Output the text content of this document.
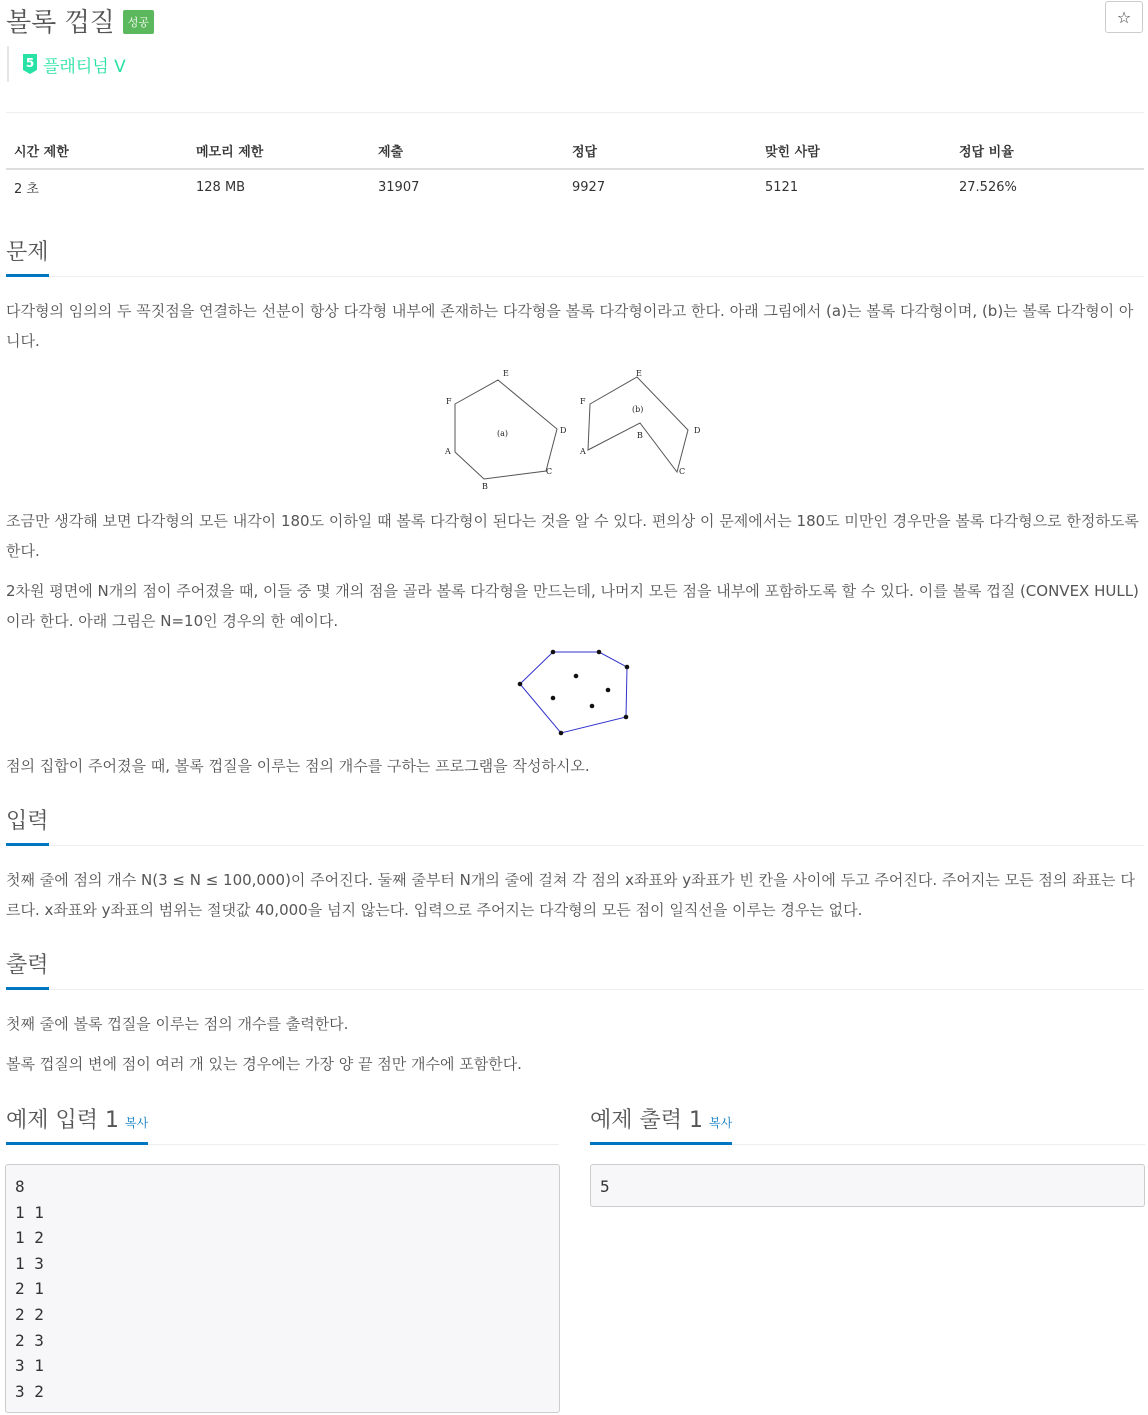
볼록 껍질	성공	☆
5 플래티넘 V
시간 제한	메모리 제한	제출	정답	맞힌 사람	정답 비율
2 초	128 MB	31907	9927	5121	27.526%
문제
다각형의 임의의 두 꼭짓점을 연결하는 선분이 항상 다각형 내부에 존재하는 다각형을 볼록 다각형이라고 한다. 아래 그림에서 (a)는 볼록 다각형이며, (b)는 볼록 다각형이 아니다.
(a)
E
F
D
A
C
B
(b)
E
F
D
A
B
C
조금만 생각해 보면 다각형의 모든 내각이 180도 이하일 때 볼록 다각형이 된다는 것을 알 수 있다. 편의상 이 문제에서는 180도 미만인 경우만을 볼록 다각형으로 한정하도록 한다.
2차원 평면에 N개의 점이 주어졌을 때, 이들 중 몇 개의 점을 골라 볼록 다각형을 만드는데, 나머지 모든 점을 내부에 포함하도록 할 수 있다. 이를 볼록 껍질 (CONVEX HULL) 이라 한다. 아래 그림은 N=10인 경우의 한 예이다.
점의 집합이 주어졌을 때, 볼록 껍질을 이루는 점의 개수를 구하는 프로그램을 작성하시오.
입력
첫째 줄에 점의 개수 N(3 ≤ N ≤ 100,000)이 주어진다. 둘째 줄부터 N개의 줄에 걸쳐 각 점의 x좌표와 y좌표가 빈 칸을 사이에 두고 주어진다. 주어지는 모든 점의 좌표는 다르다. x좌표와 y좌표의 범위는 절댓값 40,000을 넘지 않는다. 입력으로 주어지는 다각형의 모든 점이 일직선을 이루는 경우는 없다.
출력
첫째 줄에 볼록 껍질을 이루는 점의 개수를 출력한다.
볼록 껍질의 변에 점이 여러 개 있는 경우에는 가장 양 끝 점만 개수에 포함한다.
예제 입력 1 복사	예제 출력 1 복사
8
1 1
1 2
1 3
2 1
2 2
2 3
3 1
3 2
5
